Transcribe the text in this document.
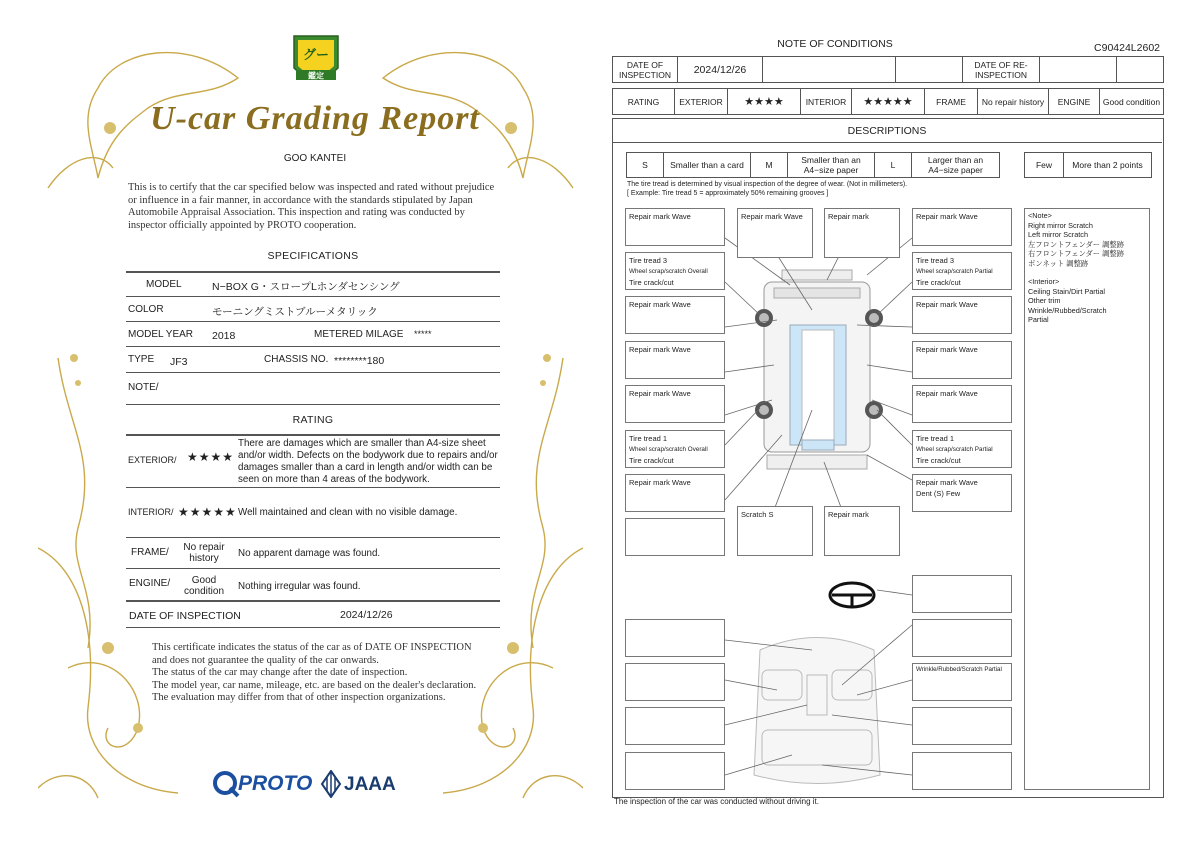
グー
鑑定
U-car Grading Report
GOO KANTEI
This is to certify that the car specified below was inspected and rated without prejudice or influence in a fair manner, in accordance with the standards stipulated by Japan Automobile Appraisal Association. This inspection and rating was conducted by inspector officially appointed by PROTO cooperation.
SPECIFICATIONS
MODEL	N−BOX G・スロープLホンダセンシング
COLOR	モーニングミストブルーメタリック
MODEL YEAR 2018	METERED MILAGE *****
TYPE JF3	CHASSIS NO. ********180
NOTE/
RATING
EXTERIOR/ ★★★★
There are damages which are smaller than A4-size sheet and/or width. Defects on the bodywork due to repairs and/or damages smaller than a card in length and/or width can be seen on more than 4 areas of the bodywork.
INTERIOR/ ★★★★★ Well maintained and clean with no visible damage.
FRAME/	No repair history	No apparent damage was found.
ENGINE/	Good condition	Nothing irregular was found.
DATE OF INSPECTION	2024/12/26
This certificate indicates the status of the car as of DATE OF INSPECTION and does not guarantee the quality of the car onwards.
The status of the car may change after the date of inspection.
The model year, car name, mileage, etc. are based on the dealer's declaration.
The evaluation may differ from that of other inspection organizations.
PROTO JAAA
NOTE OF CONDITIONS	C90424L2602
DATE OF INSPECTION	2024/12/26	DATE OF RE-INSPECTION
RATING	EXTERIOR	★★★★	INTERIOR	★★★★★	FRAME	No repair history	ENGINE	Good condition
DESCRIPTIONS
S	Smaller than a card	M	Smaller than an A4−size paper	L	Larger than an A4−size paper	Few	More than 2 points
The tire tread is determined by visual inspection of the degree of wear. (Not in millimeters).
[ Example: Tire tread 5 = approximately 50% remaining grooves ]
Repair mark Wave	Repair mark Wave	Repair mark	Repair mark Wave
Tire tread 3
Wheel scrap/scratch Overall
Tire crack/cut
Tire tread 3
Wheel scrap/scratch Partial
Tire crack/cut
Repair mark Wave	Repair mark Wave
Repair mark Wave	Repair mark Wave
Repair mark Wave	Repair mark Wave
Tire tread 1
Wheel scrap/scratch Overall
Tire crack/cut
Tire tread 1
Wheel scrap/scratch Partial
Tire crack/cut
Repair mark Wave	Repair mark Wave
Dent (S) Few
Scratch S	Repair mark
Wrinkle/Rubbed/Scratch Partial
<Note>
Right mirror Scratch
Left mirror Scratch
左フロントフェンダー 調整跡
右フロントフェンダー 調整跡
ボンネット 調整跡
<Interior>
Ceiling Stain/Dirt Partial
Other trim
Wrinkle/Rubbed/Scratch
Partial
The inspection of the car was conducted without driving it.
